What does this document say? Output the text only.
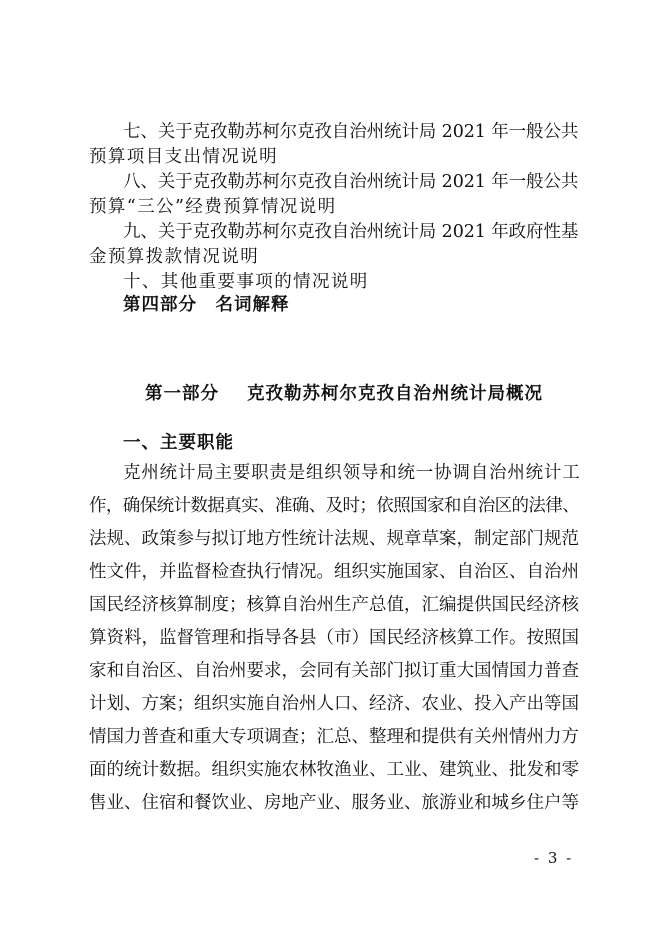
七、关于克孜勒苏柯尔克孜自治州统计局 2021 年一般公共
预算项目支出情况说明
八、关于克孜勒苏柯尔克孜自治州统计局 2021 年一般公共
预算“三公”经费预算情况说明
九、关于克孜勒苏柯尔克孜自治州统计局 2021 年政府性基
金预算拨款情况说明
十、其他重要事项的情况说明
第四部分　名词解释
第一部分 克孜勒苏柯尔克孜自治州统计局概况
一、主要职能
克州统计局主要职责是组织领导和统一协调自治州统计工
作，确保统计数据真实、准确、及时；依照国家和自治区的法律、
法规、政策参与拟订地方性统计法规、规章草案，制定部门规范
性文件，并监督检查执行情况。组织实施国家、自治区、自治州
国民经济核算制度；核算自治州生产总值，汇编提供国民经济核
算资料，监督管理和指导各县（市）国民经济核算工作。按照国
家和自治区、自治州要求，会同有关部门拟订重大国情国力普查
计划、方案；组织实施自治州人口、经济、农业、投入产出等国
情国力普查和重大专项调查；汇总、整理和提供有关州情州力方
面的统计数据。组织实施农林牧渔业、工业、建筑业、批发和零
售业、住宿和餐饮业、房地产业、服务业、旅游业和城乡住户等
- 3 -
